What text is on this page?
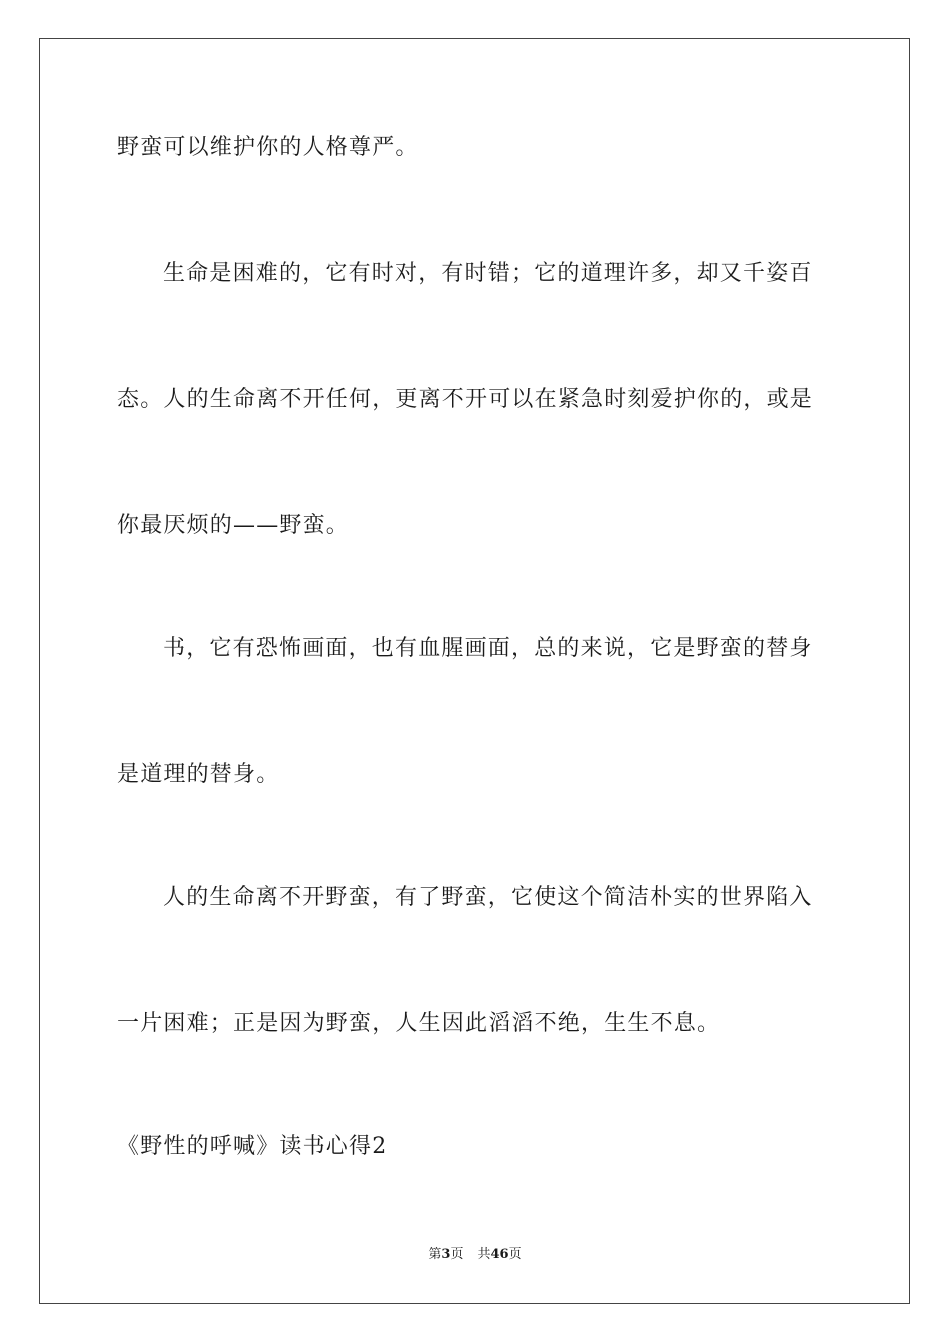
野蛮可以维护你的人格尊严。
生命是困难的，它有时对，有时错；它的道理许多，却又千姿百
态。人的生命离不开任何，更离不开可以在紧急时刻爱护你的，或是
你最厌烦的——野蛮。
书，它有恐怖画面，也有血腥画面，总的来说，它是野蛮的替身
是道理的替身。
人的生命离不开野蛮，有了野蛮，它使这个简洁朴实的世界陷入
一片困难；正是因为野蛮，人生因此滔滔不绝，生生不息。
《野性的呼喊》读书心得2
第3页 共46页
